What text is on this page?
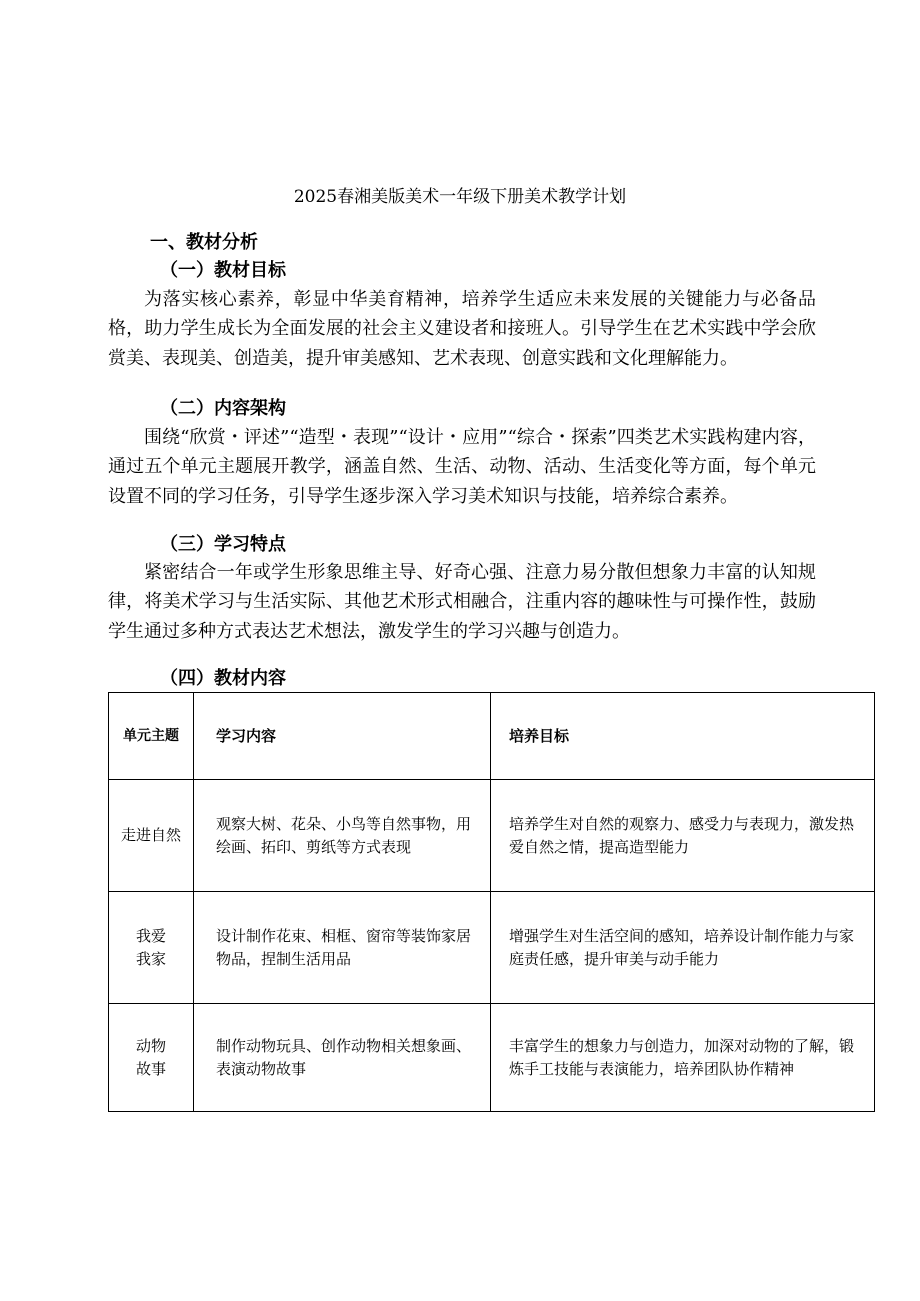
2025春湘美版美术一年级下册美术教学计划
一、教材分析
（一）教材目标

为落实核心素养，彰显中华美育精神，培养学生适应未来发展的关键能力与必备品格，助力学生成长为全面发展的社会主义建设者和接班人。引导学生在艺术实践中学会欣赏美、表现美、创造美，提升审美感知、艺术表现、创意实践和文化理解能力。

（二）内容架构

围绕“欣赏・评述”“造型・表现”“设计・应用”“综合・探索”四类艺术实践构建内容，通过五个单元主题展开教学，涵盖自然、生活、动物、活动、生活变化等方面，每个单元设置不同的学习任务，引导学生逐步深入学习美术知识与技能，培养综合素养。

（三）学习特点

紧密结合一年或学生形象思维主导、好奇心强、注意力易分散但想象力丰富的认知规律，将美术学习与生活实际、其他艺术形式相融合，注重内容的趣味性与可操作性，鼓励学生通过多种方式表达艺术想法，激发学生的学习兴趣与创造力。

（四）教材内容
单元主题	学习内容	培养目标
走进自然	观察大树、花朵、小鸟等自然事物，用绘画、拓印、剪纸等方式表现	培养学生对自然的观察力、感受力与表现力，激发热爱自然之情，提高造型能力
我爱我家	设计制作花束、相框、窗帘等装饰家居物品，捏制生活用品	增强学生对生活空间的感知，培养设计制作能力与家庭责任感，提升审美与动手能力
动物故事	制作动物玩具、创作动物相关想象画、表演动物故事	丰富学生的想象力与创造力，加深对动物的了解，锻炼手工技能与表演能力，培养团队协作精神
